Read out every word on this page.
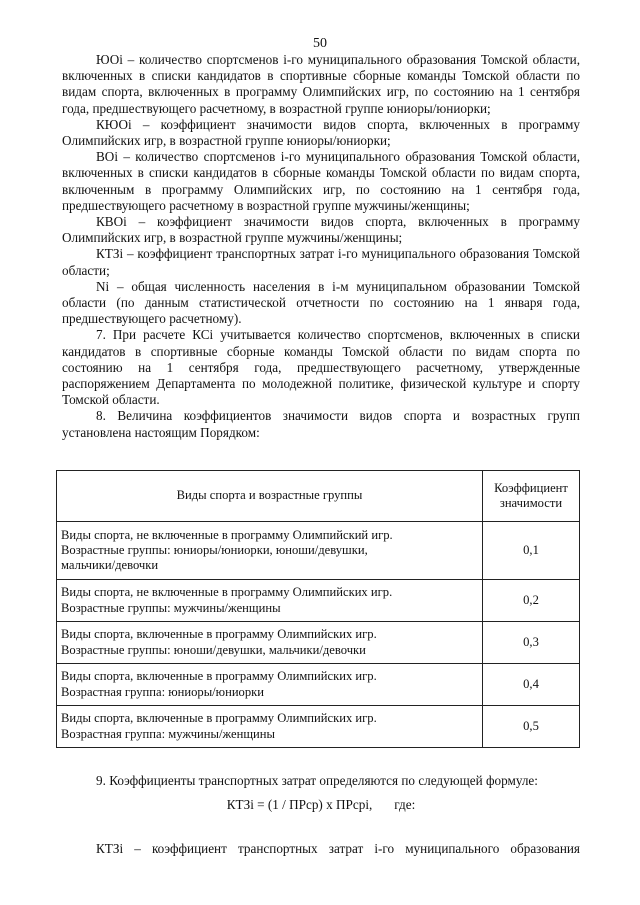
50

ЮОi – количество спортсменов i-го муниципального образования Томской области, включенных в списки кандидатов в спортивные сборные команды Томской области по видам спорта, включенных в программу Олимпийских игр, по состоянию на 1 сентября года, предшествующего расчетному, в возрастной группе юниоры/юниорки;

КЮОi – коэффициент значимости видов спорта, включенных в программу Олимпийских игр, в возрастной группе юниоры/юниорки;

ВОi – количество спортсменов i-го муниципального образования Томской области, включенных в списки кандидатов в сборные команды Томской области по видам спорта, включенным в программу Олимпийских игр, по состоянию на 1 сентября года, предшествующего расчетному в возрастной группе мужчины/женщины;

КВОi – коэффициент значимости видов спорта, включенных в программу Олимпийских игр, в возрастной группе мужчины/женщины;

КТЗi – коэффициент транспортных затрат i-го муниципального образования Томской области;

Ni – общая численность населения в i-м муниципальном образовании Томской области (по данным статистической отчетности по состоянию на 1 января года, предшествующего расчетному).

7. При расчете КСi учитывается количество спортсменов, включенных в списки кандидатов в спортивные сборные команды Томской области по видам спорта по состоянию на 1 сентября года, предшествующего расчетному, утвержденные распоряжением Департамента по молодежной политике, физической культуре и спорту Томской области.

8. Величина коэффициентов значимости видов спорта и возрастных групп установлена настоящим Порядком:

Виды спорта и возрастные группы	Коэффициент значимости

Виды спорта, не включенные в программу Олимпийский игр.
Возрастные группы: юниоры/юниорки, юноши/девушки,
мальчики/девочки	0,1

Виды спорта, не включенные в программу Олимпийских игр.
Возрастные группы: мужчины/женщины	0,2

Виды спорта, включенные в программу Олимпийских игр.
Возрастные группы: юноши/девушки, мальчики/девочки	0,3

Виды спорта, включенные в программу Олимпийских игр.
Возрастная группа: юниоры/юниорки	0,4

Виды спорта, включенные в программу Олимпийских игр.
Возрастная группа: мужчины/женщины	0,5

9. Коэффициенты транспортных затрат определяются по следующей формуле:

КТЗi = (1 / ПРср) х ПРсрi, где:

КТЗi – коэффициент транспортных затрат i-го муниципального образования
